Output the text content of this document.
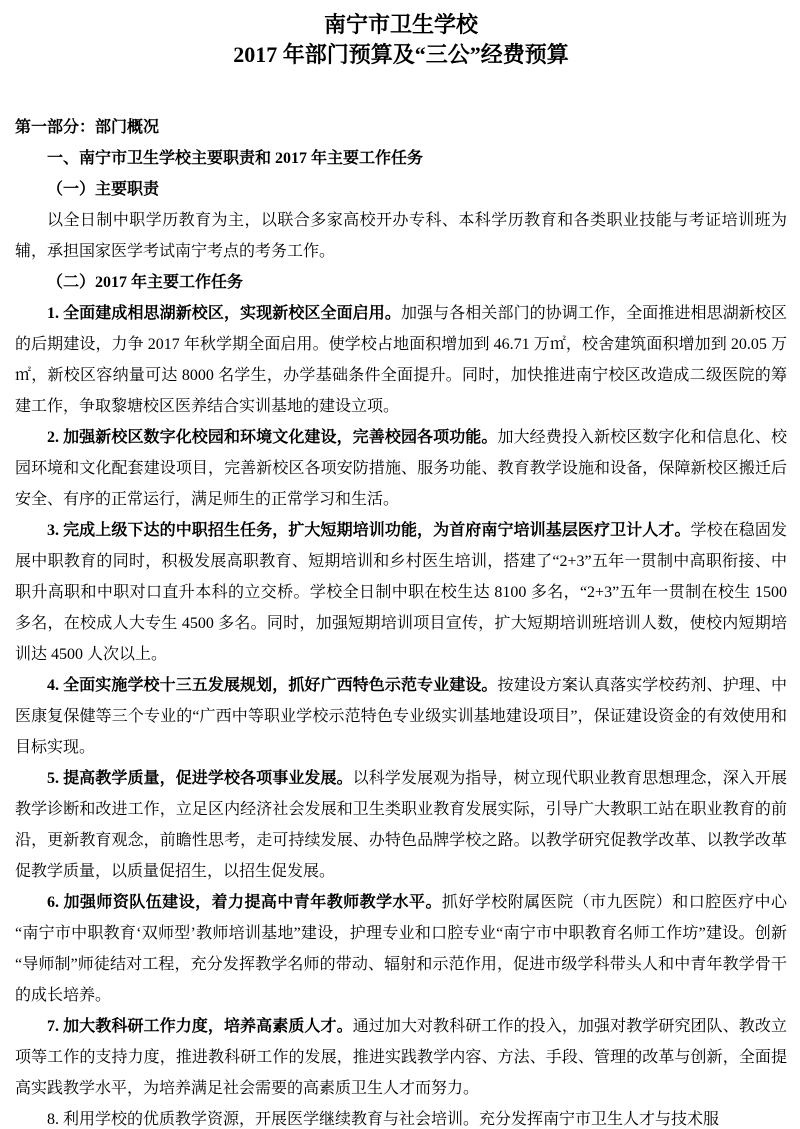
南宁市卫生学校
2017 年部门预算及“三公”经费预算

第一部分：部门概况

一、南宁市卫生学校主要职责和 2017 年主要工作任务

（一）主要职责

以全日制中职学历教育为主，以联合多家高校开办专科、本科学历教育和各类职业技能与考证培训班为辅，承担国家医学考试南宁考点的考务工作。

（二）2017 年主要工作任务

1. 全面建成相思湖新校区，实现新校区全面启用。加强与各相关部门的协调工作，全面推进相思湖新校区的后期建设，力争 2017 年秋学期全面启用。使学校占地面积增加到 46.71 万㎡，校舍建筑面积增加到 20.05 万㎡，新校区容纳量可达 8000 名学生，办学基础条件全面提升。同时，加快推进南宁校区改造成二级医院的筹建工作，争取黎塘校区医养结合实训基地的建设立项。

2. 加强新校区数字化校园和环境文化建设，完善校园各项功能。加大经费投入新校区数字化和信息化、校园环境和文化配套建设项目，完善新校区各项安防措施、服务功能、教育教学设施和设备，保障新校区搬迁后安全、有序的正常运行，满足师生的正常学习和生活。

3. 完成上级下达的中职招生任务，扩大短期培训功能，为首府南宁培训基层医疗卫计人才。学校在稳固发展中职教育的同时，积极发展高职教育、短期培训和乡村医生培训，搭建了“2+3”五年一贯制中高职衔接、中职升高职和中职对口直升本科的立交桥。学校全日制中职在校生达 8100 多名，“2+3”五年一贯制在校生 1500 多名，在校成人大专生 4500 多名。同时，加强短期培训项目宣传，扩大短期培训班培训人数，使校内短期培训达 4500 人次以上。

4. 全面实施学校十三五发展规划，抓好广西特色示范专业建设。按建设方案认真落实学校药剂、护理、中医康复保健等三个专业的“广西中等职业学校示范特色专业级实训基地建设项目”，保证建设资金的有效使用和目标实现。

5. 提高教学质量，促进学校各项事业发展。以科学发展观为指导，树立现代职业教育思想理念，深入开展教学诊断和改进工作，立足区内经济社会发展和卫生类职业教育发展实际，引导广大教职工站在职业教育的前沿，更新教育观念，前瞻性思考，走可持续发展、办特色品牌学校之路。以教学研究促教学改革、以教学改革促教学质量，以质量促招生，以招生促发展。

6. 加强师资队伍建设，着力提高中青年教师教学水平。抓好学校附属医院（市九医院）和口腔医疗中心“南宁市中职教育‘双师型’教师培训基地”建设，护理专业和口腔专业“南宁市中职教育名师工作坊”建设。创新“导师制”师徒结对工程，充分发挥教学名师的带动、辐射和示范作用，促进市级学科带头人和中青年教学骨干的成长培养。

7. 加大教科研工作力度，培养高素质人才。通过加大对教科研工作的投入，加强对教学研究团队、教改立项等工作的支持力度，推进教科研工作的发展，推进实践教学内容、方法、手段、管理的改革与创新，全面提高实践教学水平，为培养满足社会需要的高素质卫生人才而努力。

8. 利用学校的优质教学资源，开展医学继续教育与社会培训。充分发挥南宁市卫生人才与技术服
